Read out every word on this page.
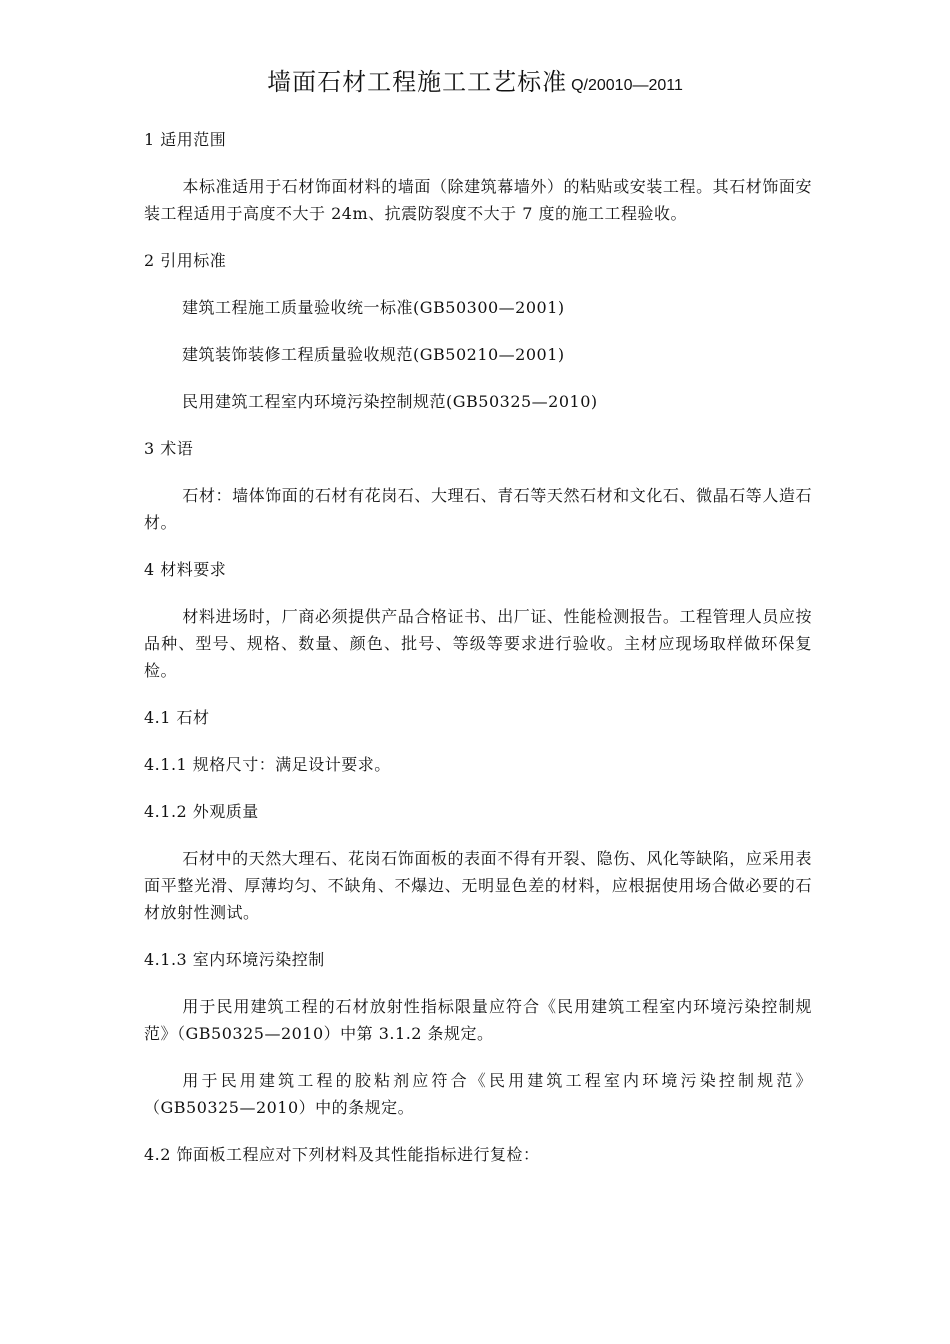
墙面石材工程施工工艺标准 Q/20010—2011
1 适用范围
本标准适用于石材饰面材料的墙面（除建筑幕墙外）的粘贴或安装工程。其石材饰面安装工程适用于高度不大于 24m、抗震防裂度不大于 7 度的施工工程验收。
2 引用标准
建筑工程施工质量验收统一标准(GB50300—2001)
建筑装饰装修工程质量验收规范(GB50210—2001)
民用建筑工程室内环境污染控制规范(GB50325—2010)
3 术语
石材：墙体饰面的石材有花岗石、大理石、青石等天然石材和文化石、微晶石等人造石材。
4 材料要求
材料进场时，厂商必须提供产品合格证书、出厂证、性能检测报告。工程管理人员应按品种、型号、规格、数量、颜色、批号、等级等要求进行验收。主材应现场取样做环保复检。
4.1 石材
4.1.1 规格尺寸：满足设计要求。
4.1.2 外观质量
石材中的天然大理石、花岗石饰面板的表面不得有开裂、隐伤、风化等缺陷，应采用表面平整光滑、厚薄均匀、不缺角、不爆边、无明显色差的材料，应根据使用场合做必要的石材放射性测试。
4.1.3 室内环境污染控制
用于民用建筑工程的石材放射性指标限量应符合《民用建筑工程室内环境污染控制规范》（GB50325—2010）中第 3.1.2 条规定。
用于民用建筑工程的胶粘剂应符合《民用建筑工程室内环境污染控制规范》（GB50325—2010）中的条规定。
4.2 饰面板工程应对下列材料及其性能指标进行复检：
